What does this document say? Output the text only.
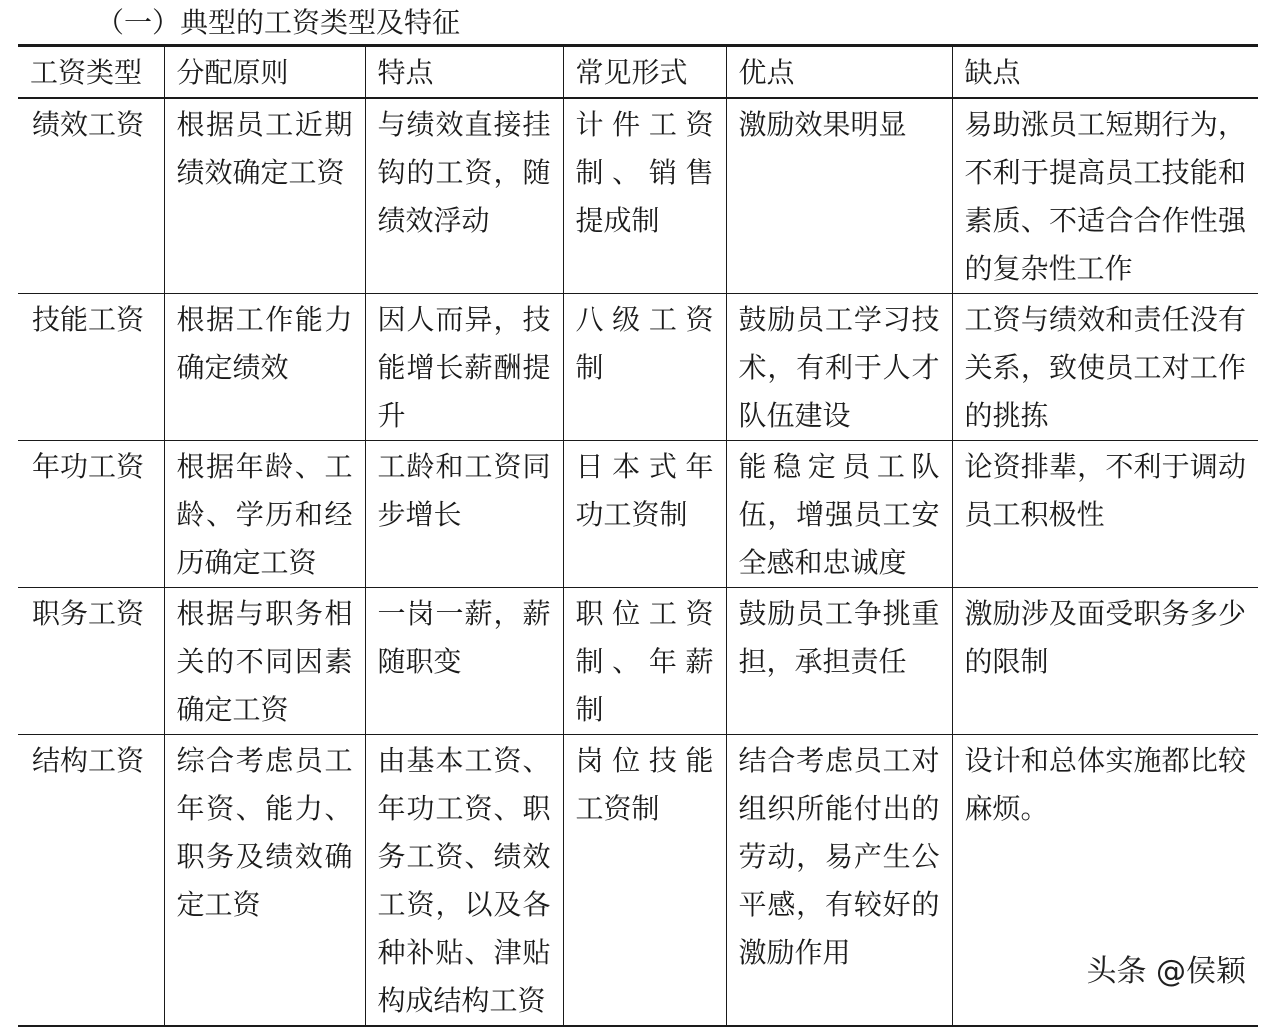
（一）典型的工资类型及特征
工资类型	分配原则	特点	常见形式	优点	缺点
绩效工资	根据员工近期绩效确定工资	与绩效直接挂钩的工资，随绩效浮动	计件工资制、销售提成制	激励效果明显	易助涨员工短期行为，不利于提高员工技能和素质、不适合合作性强的复杂性工作
技能工资	根据工作能力确定绩效	因人而异，技能增长薪酬提升	八级工资制	鼓励员工学习技术，有利于人才队伍建设	工资与绩效和责任没有关系，致使员工对工作的挑拣
年功工资	根据年龄、工龄、学历和经历确定工资	工龄和工资同步增长	日本式年功工资制	能稳定员工队伍，增强员工安全感和忠诚度	论资排辈，不利于调动员工积极性
职务工资	根据与职务相关的不同因素确定工资	一岗一薪，薪随职变	职位工资制、年薪制	鼓励员工争挑重担，承担责任	激励涉及面受职务多少的限制
结构工资	综合考虑员工年资、能力、职务及绩效确定工资	由基本工资、年功工资、职务工资、绩效工资，以及各种补贴、津贴构成结构工资	岗位技能工资制	结合考虑员工对组织所能付出的劳动，易产生公平感，有较好的激励作用	设计和总体实施都比较麻烦。
头条 @侯颖
